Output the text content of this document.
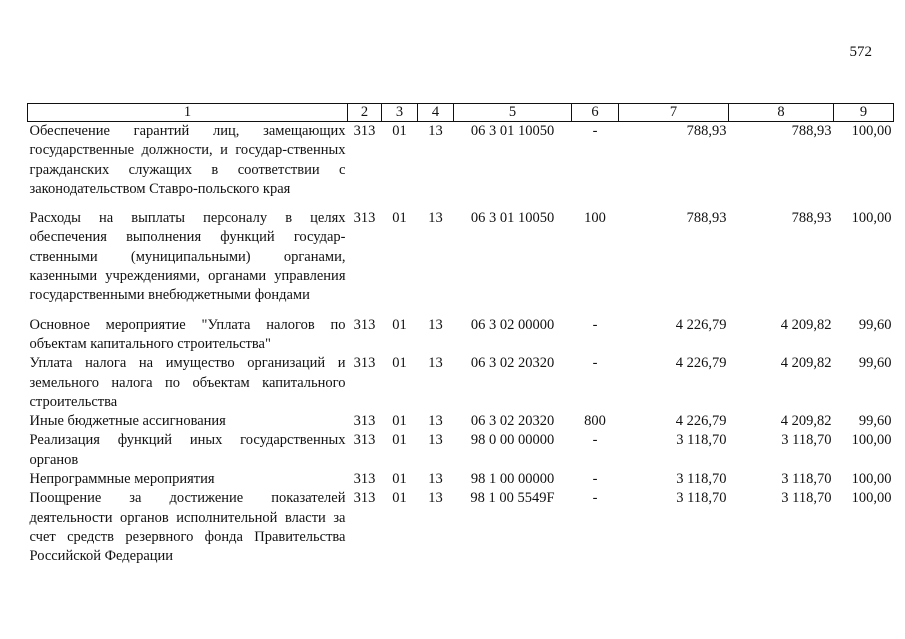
572
1	2	3	4	5	6	7	8	9
Обеспечение гарантий лиц, замещающих государственные должности, и государ-ственных гражданских служащих в соответствии с законодательством Ставро-польского края	313	01	13	06 3 01 10050	-	788,93	788,93	100,00
Расходы на выплаты персоналу в целях обеспечения выполнения функций государ-ственными (муниципальными) органами, казенными учреждениями, органами управления государственными внебюджетными фондами	313	01	13	06 3 01 10050	100	788,93	788,93	100,00
Основное мероприятие "Уплата налогов по объектам капитального строительства"	313	01	13	06 3 02 00000	-	4 226,79	4 209,82	99,60
Уплата налога на имущество организаций и земельного налога по объектам капитального строительства	313	01	13	06 3 02 20320	-	4 226,79	4 209,82	99,60
Иные бюджетные ассигнования	313	01	13	06 3 02 20320	800	4 226,79	4 209,82	99,60
Реализация функций иных государственных органов	313	01	13	98 0 00 00000	-	3 118,70	3 118,70	100,00
Непрограммные мероприятия	313	01	13	98 1 00 00000	-	3 118,70	3 118,70	100,00
Поощрение за достижение показателей деятельности органов исполнительной власти за счет средств резервного фонда Правительства Российской Федерации	313	01	13	98 1 00 5549F	-	3 118,70	3 118,70	100,00
